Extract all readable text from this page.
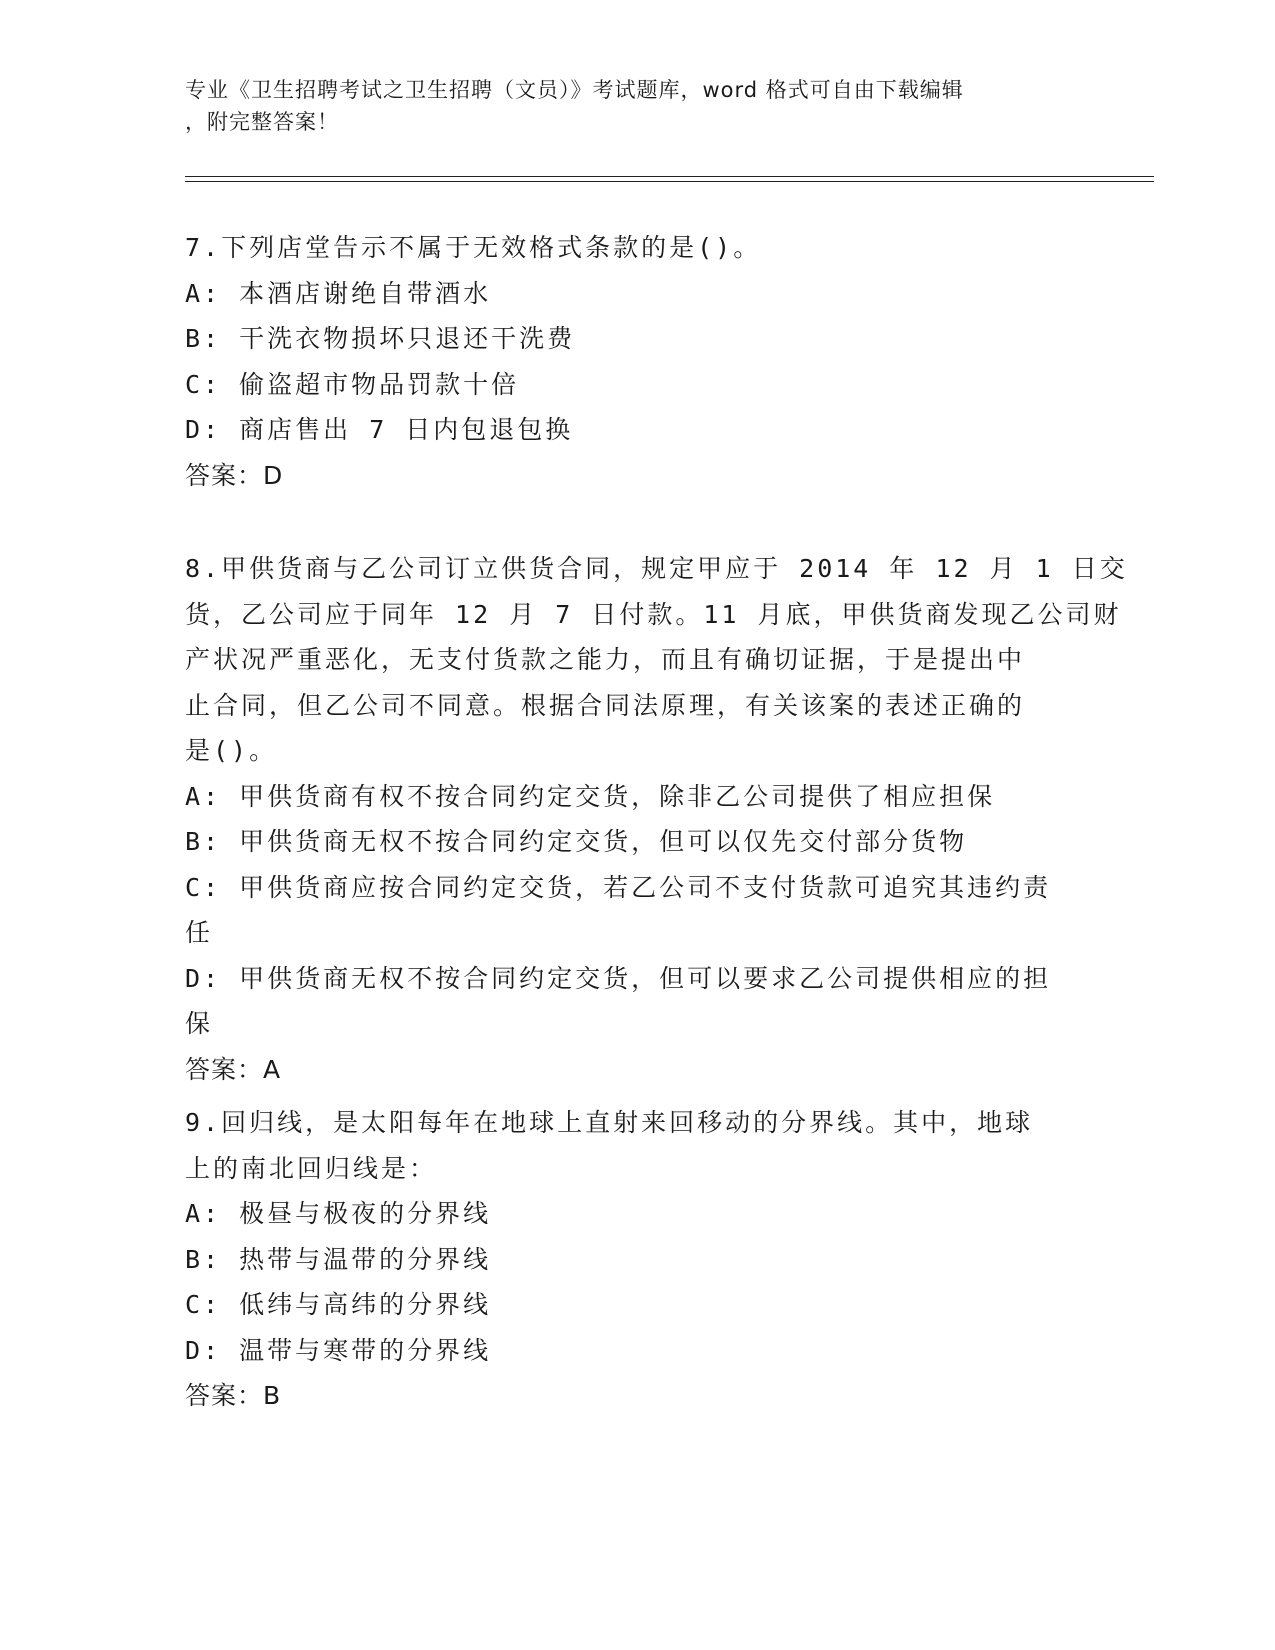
专业《卫生招聘考试之卫生招聘（文员）》考试题库，word 格式可自由下载编辑
，附完整答案！
7.下列店堂告示不属于无效格式条款的是()。
A: 本酒店谢绝自带酒水
B: 干洗衣物损坏只退还干洗费
C: 偷盗超市物品罚款十倍
D: 商店售出 7 日内包退包换
答案：D
8.甲供货商与乙公司订立供货合同，规定甲应于 2014 年 12 月 1 日交
货，乙公司应于同年 12 月 7 日付款。11 月底，甲供货商发现乙公司财
产状况严重恶化，无支付货款之能力，而且有确切证据，于是提出中
止合同，但乙公司不同意。根据合同法原理，有关该案的表述正确的
是()。
A: 甲供货商有权不按合同约定交货，除非乙公司提供了相应担保
B: 甲供货商无权不按合同约定交货，但可以仅先交付部分货物
C: 甲供货商应按合同约定交货，若乙公司不支付货款可追究其违约责
任
D: 甲供货商无权不按合同约定交货，但可以要求乙公司提供相应的担
保
答案：A
9.回归线，是太阳每年在地球上直射来回移动的分界线。其中，地球
上的南北回归线是：
A: 极昼与极夜的分界线
B: 热带与温带的分界线
C: 低纬与高纬的分界线
D: 温带与寒带的分界线
答案：B
